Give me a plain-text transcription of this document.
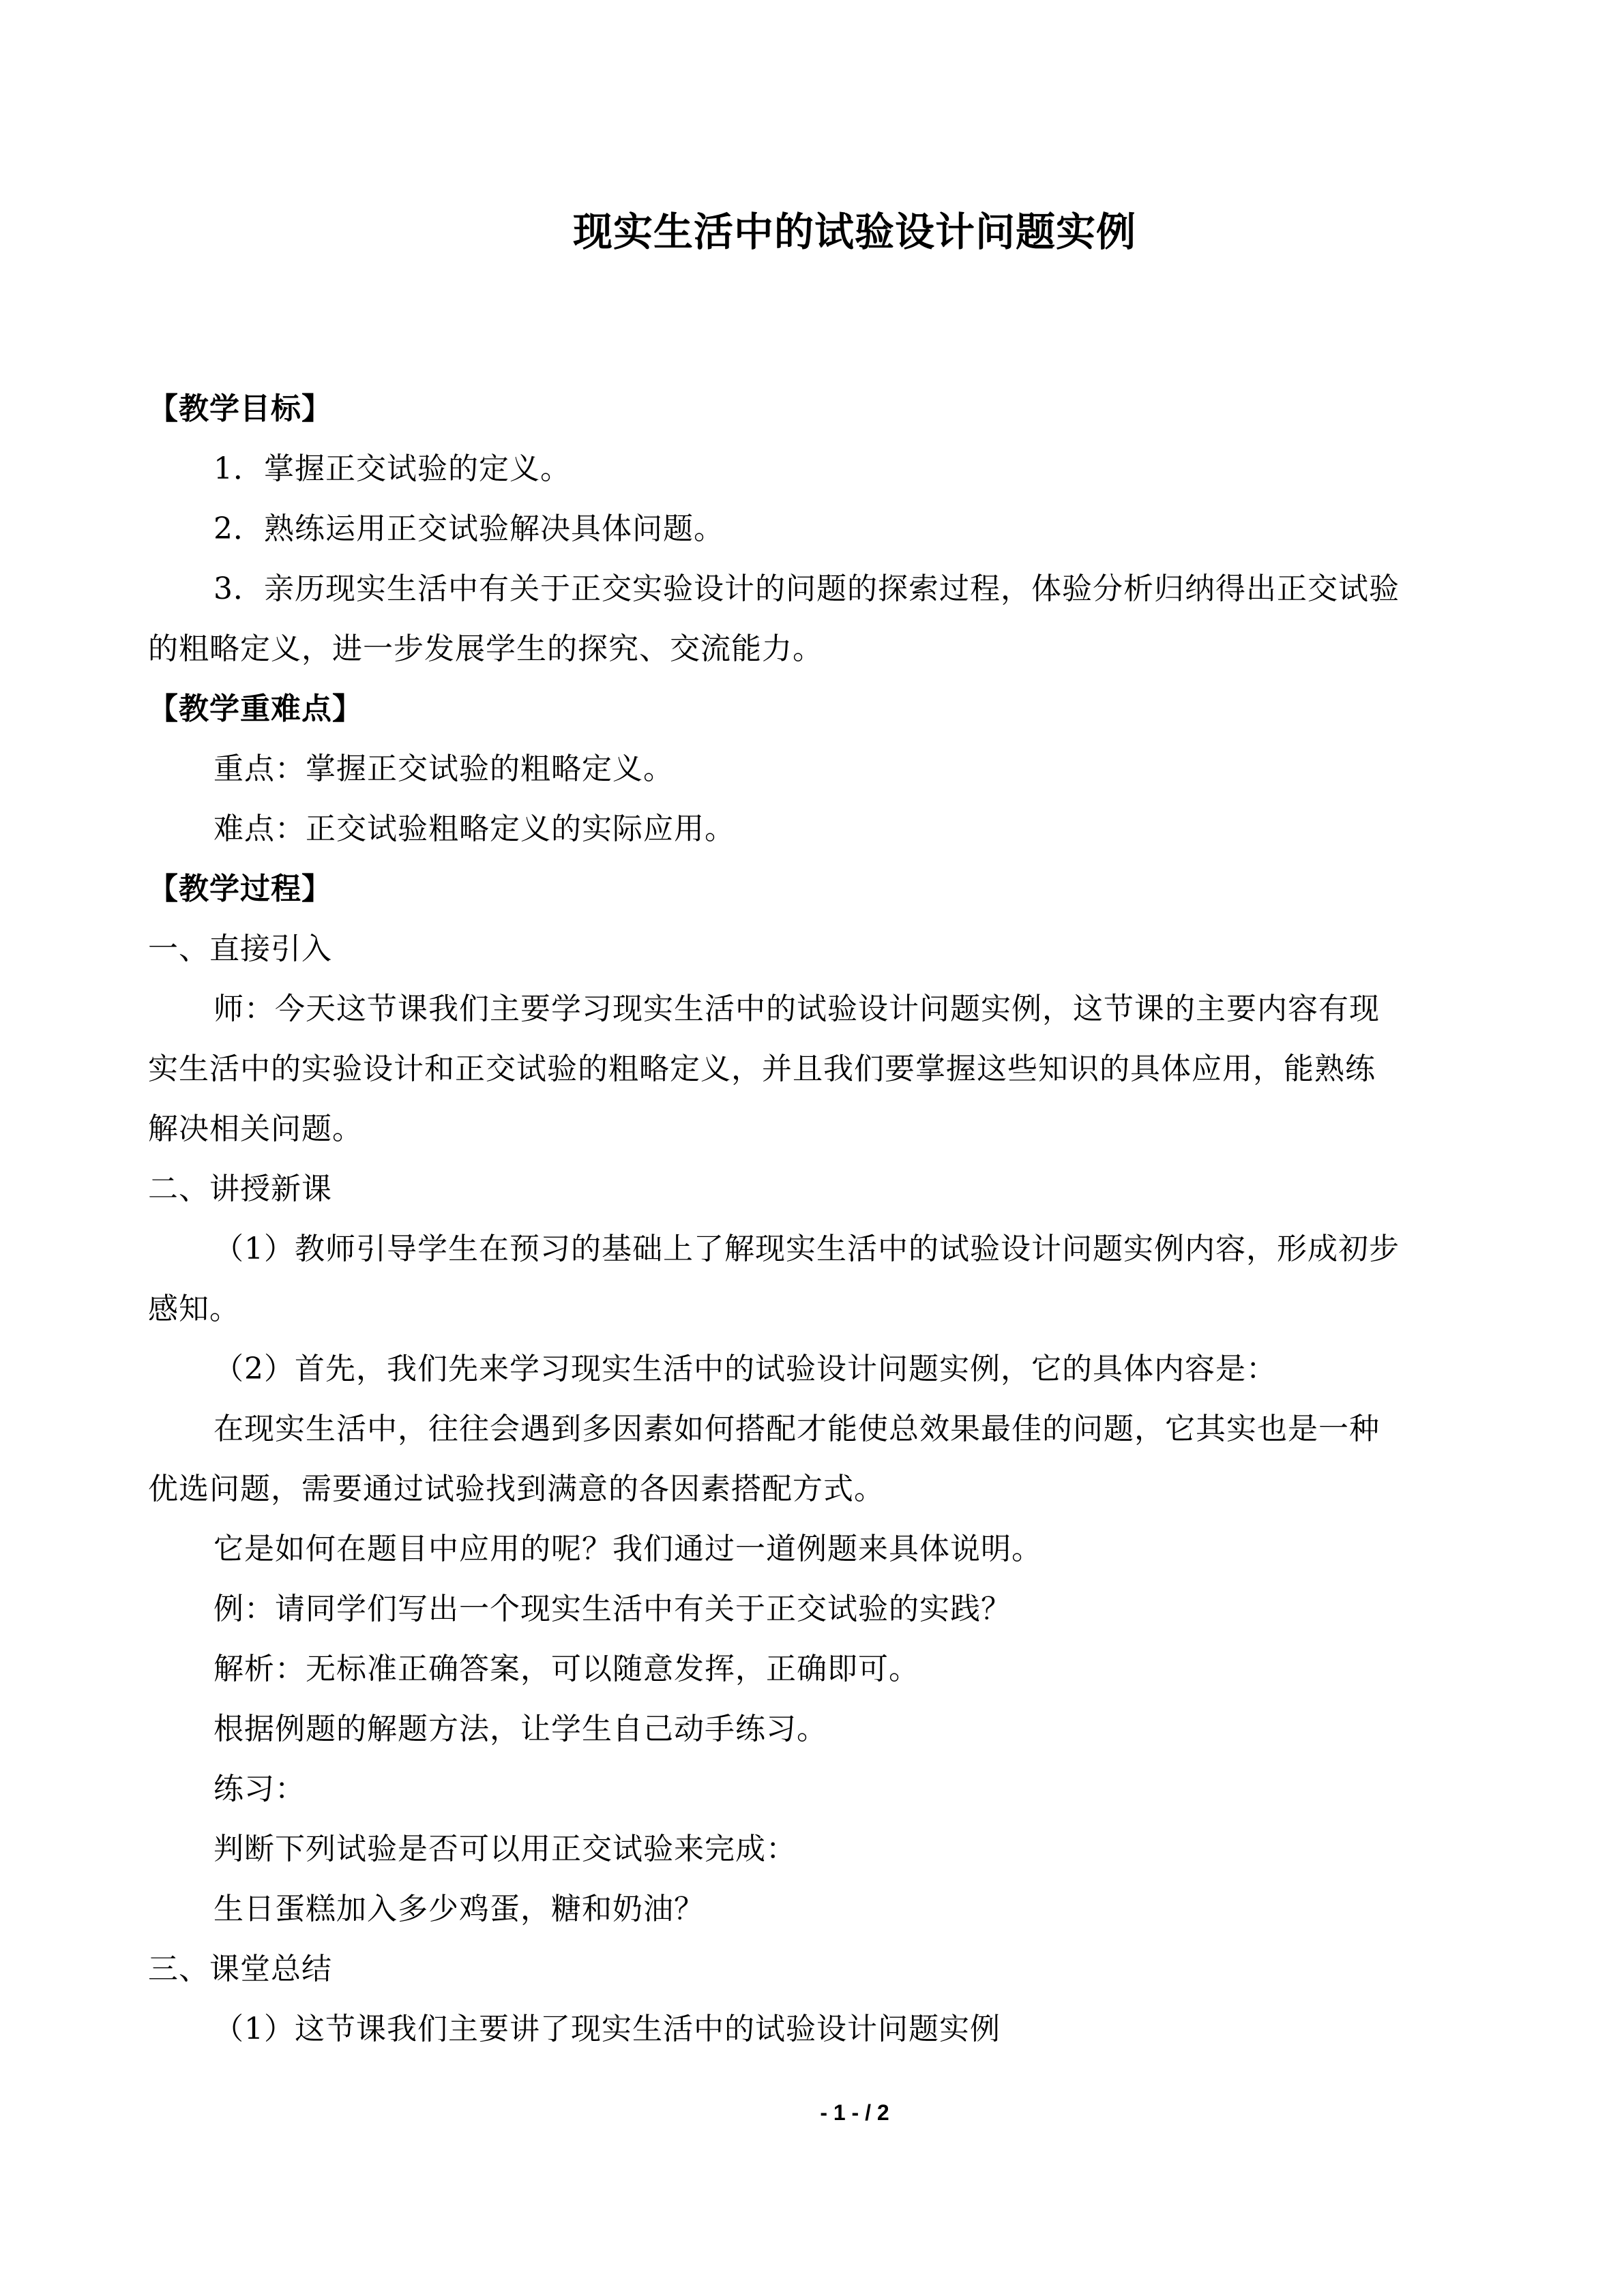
现实生活中的试验设计问题实例
【教学目标】
1．掌握正交试验的定义。
2．熟练运用正交试验解决具体问题。
3．亲历现实生活中有关于正交实验设计的问题的探索过程，体验分析归纳得出正交试验
的粗略定义，进一步发展学生的探究、交流能力。
【教学重难点】
重点：掌握正交试验的粗略定义。
难点：正交试验粗略定义的实际应用。
【教学过程】
一、直接引入
师：今天这节课我们主要学习现实生活中的试验设计问题实例，这节课的主要内容有现
实生活中的实验设计和正交试验的粗略定义，并且我们要掌握这些知识的具体应用，能熟练
解决相关问题。
二、讲授新课
（1）教师引导学生在预习的基础上了解现实生活中的试验设计问题实例内容，形成初步
感知。
（2）首先，我们先来学习现实生活中的试验设计问题实例，它的具体内容是：
在现实生活中，往往会遇到多因素如何搭配才能使总效果最佳的问题，它其实也是一种
优选问题，需要通过试验找到满意的各因素搭配方式。
它是如何在题目中应用的呢？我们通过一道例题来具体说明。
例：请同学们写出一个现实生活中有关于正交试验的实践？
解析：无标准正确答案，可以随意发挥，正确即可。
根据例题的解题方法，让学生自己动手练习。
练习：
判断下列试验是否可以用正交试验来完成：
生日蛋糕加入多少鸡蛋，糖和奶油？
三、课堂总结
（1）这节课我们主要讲了现实生活中的试验设计问题实例
- 1 - / 2
